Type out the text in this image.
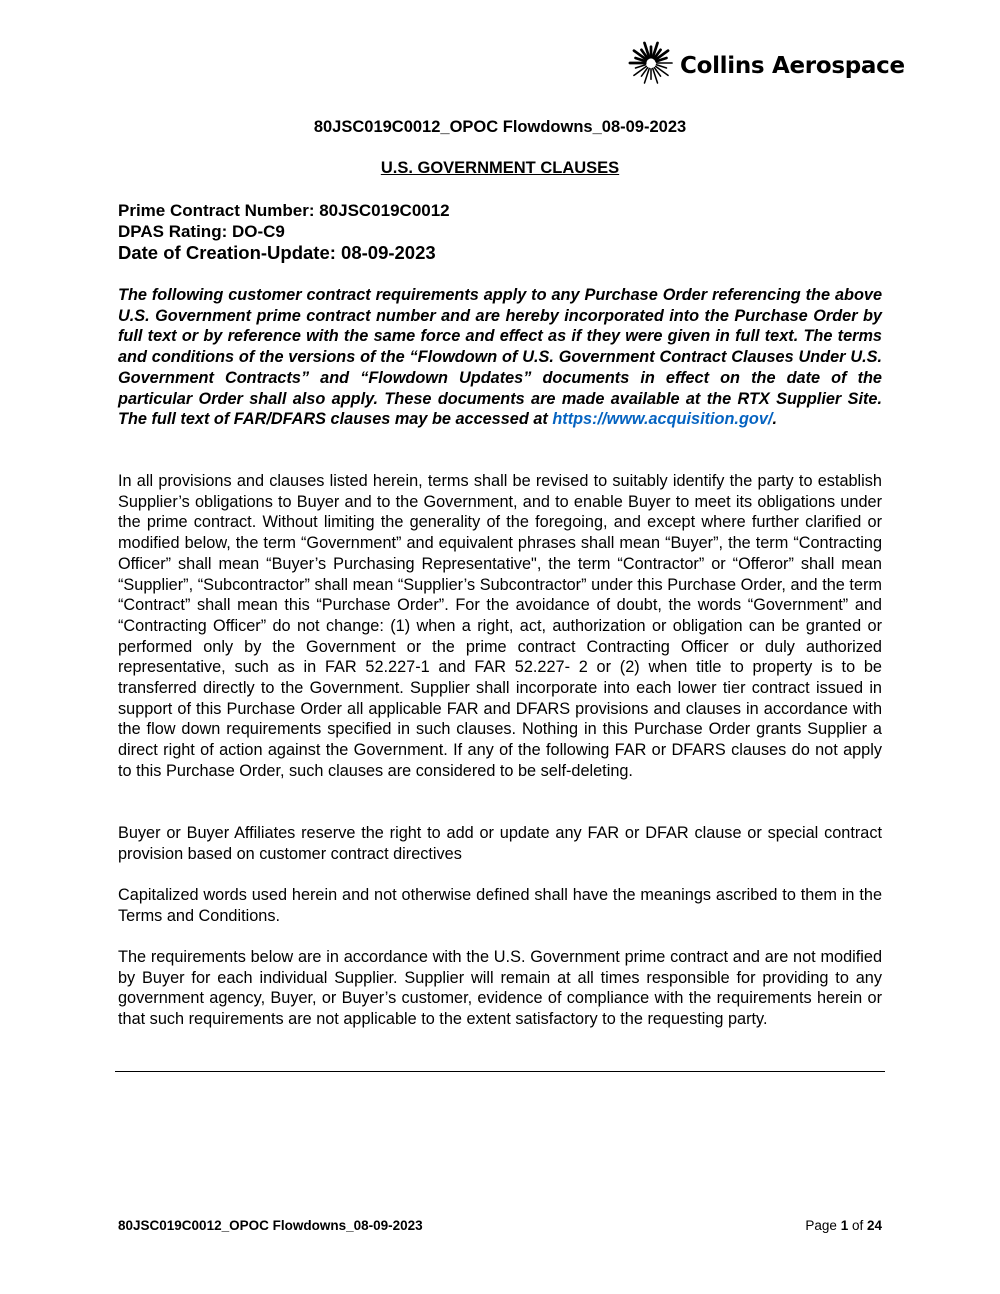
Collins Aerospace
80JSC019C0012_OPOC Flowdowns_08-09-2023
U.S. GOVERNMENT CLAUSES
Prime Contract Number: 80JSC019C0012
DPAS Rating: DO-C9
Date of Creation-Update: 08-09-2023
The following customer contract requirements apply to any Purchase Order referencing the above U.S. Government prime contract number and are hereby incorporated into the Purchase Order by full text or by reference with the same force and effect as if they were given in full text. The terms and conditions of the versions of the “Flowdown of U.S. Government Contract Clauses Under U.S. Government Contracts” and “Flowdown Updates” documents in effect on the date of the particular Order shall also apply. These documents are made available at the RTX Supplier Site. The full text of FAR/DFARS clauses may be accessed at https://www.acquisition.gov/.
In all provisions and clauses listed herein, terms shall be revised to suitably identify the party to establish Supplier’s obligations to Buyer and to the Government, and to enable Buyer to meet its obligations under the prime contract. Without limiting the generality of the foregoing, and except where further clarified or modified below, the term “Government” and equivalent phrases shall mean “Buyer”, the term “Contracting Officer” shall mean “Buyer’s Purchasing Representative", the term “Contractor” or “Offeror” shall mean “Supplier”, “Subcontractor” shall mean “Supplier’s Subcontractor” under this Purchase Order, and the term “Contract” shall mean this “Purchase Order”. For the avoidance of doubt, the words “Government” and “Contracting Officer” do not change: (1) when a right, act, authorization or obligation can be granted or performed only by the Government or the prime contract Contracting Officer or duly authorized representative, such as in FAR 52.227-1 and FAR 52.227- 2 or (2) when title to property is to be transferred directly to the Government. Supplier shall incorporate into each lower tier contract issued in support of this Purchase Order all applicable FAR and DFARS provisions and clauses in accordance with the flow down requirements specified in such clauses. Nothing in this Purchase Order grants Supplier a direct right of action against the Government. If any of the following FAR or DFARS clauses do not apply to this Purchase Order, such clauses are considered to be self-deleting.
Buyer or Buyer Affiliates reserve the right to add or update any FAR or DFAR clause or special contract provision based on customer contract directives
Capitalized words used herein and not otherwise defined shall have the meanings ascribed to them in the Terms and Conditions.
The requirements below are in accordance with the U.S. Government prime contract and are not modified by Buyer for each individual Supplier. Supplier will remain at all times responsible for providing to any government agency, Buyer, or Buyer’s customer, evidence of compliance with the requirements herein or that such requirements are not applicable to the extent satisfactory to the requesting party.
80JSC019C0012_OPOC Flowdowns_08-09-2023	Page 1 of 24
